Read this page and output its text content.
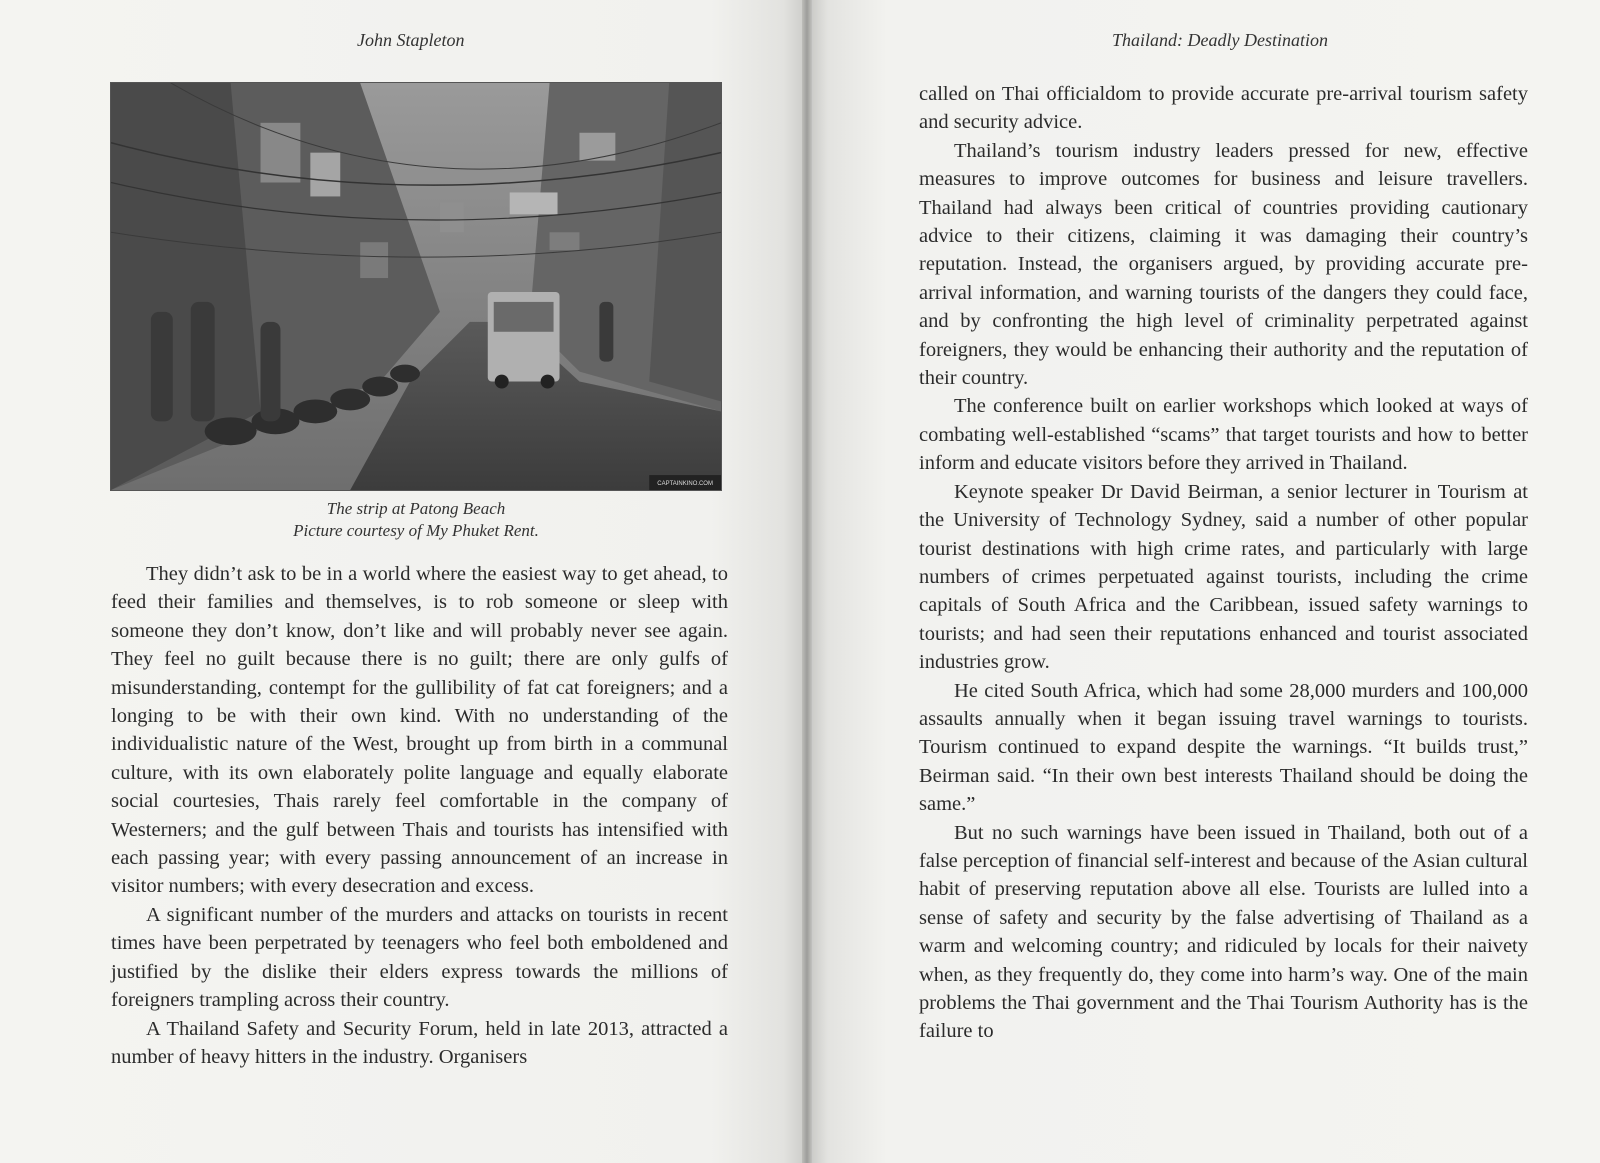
John Stapleton
CAPTAINKINO.COM
The strip at Patong Beach
Picture courtesy of My Phuket Rent.

They didn’t ask to be in a world where the easiest way to get ahead, to feed their families and themselves, is to rob someone or sleep with someone they don’t know, don’t like and will probably never see again. They feel no guilt because there is no guilt; there are only gulfs of misunderstanding, contempt for the gullibility of fat cat foreigners; and a longing to be with their own kind. With no understanding of the individualistic nature of the West, brought up from birth in a communal culture, with its own elaborately polite language and equally elaborate social courtesies, Thais rarely feel comfortable in the company of Westerners; and the gulf between Thais and tourists has intensified with each passing year; with every passing announcement of an increase in visitor numbers; with every desecration and excess.

A significant number of the murders and attacks on tourists in recent times have been perpetrated by teenagers who feel both emboldened and justified by the dislike their elders express towards the millions of foreigners trampling across their country.

A Thailand Safety and Security Forum, held in late 2013, attracted a number of heavy hitters in the industry. Organisers

Thailand: Deadly Destination

called on Thai officialdom to provide accurate pre-arrival tourism safety and security advice.

Thailand’s tourism industry leaders pressed for new, effective measures to improve outcomes for business and leisure travellers. Thailand had always been critical of countries providing cautionary advice to their citizens, claiming it was damaging their country’s reputation. Instead, the organisers argued, by providing accurate pre-arrival information, and warning tourists of the dangers they could face, and by confronting the high level of criminality perpetrated against foreigners, they would be enhancing their authority and the reputation of their country.

The conference built on earlier workshops which looked at ways of combating well-established “scams” that target tourists and how to better inform and educate visitors before they arrived in Thailand.

Keynote speaker Dr David Beirman, a senior lecturer in Tourism at the University of Technology Sydney, said a number of other popular tourist destinations with high crime rates, and particularly with large numbers of crimes perpetuated against tourists, including the crime capitals of South Africa and the Caribbean, issued safety warnings to tourists; and had seen their reputations enhanced and tourist associated industries grow.

He cited South Africa, which had some 28,000 murders and 100,000 assaults annually when it began issuing travel warnings to tourists. Tourism continued to expand despite the warnings. “It builds trust,” Beirman said. “In their own best interests Thailand should be doing the same.”

But no such warnings have been issued in Thailand, both out of a false perception of financial self-interest and because of the Asian cultural habit of preserving reputation above all else. Tourists are lulled into a sense of safety and security by the false advertising of Thailand as a warm and welcoming country; and ridiculed by locals for their naivety when, as they frequently do, they come into harm’s way. One of the main problems the Thai government and the Thai Tourism Authority has is the failure to
